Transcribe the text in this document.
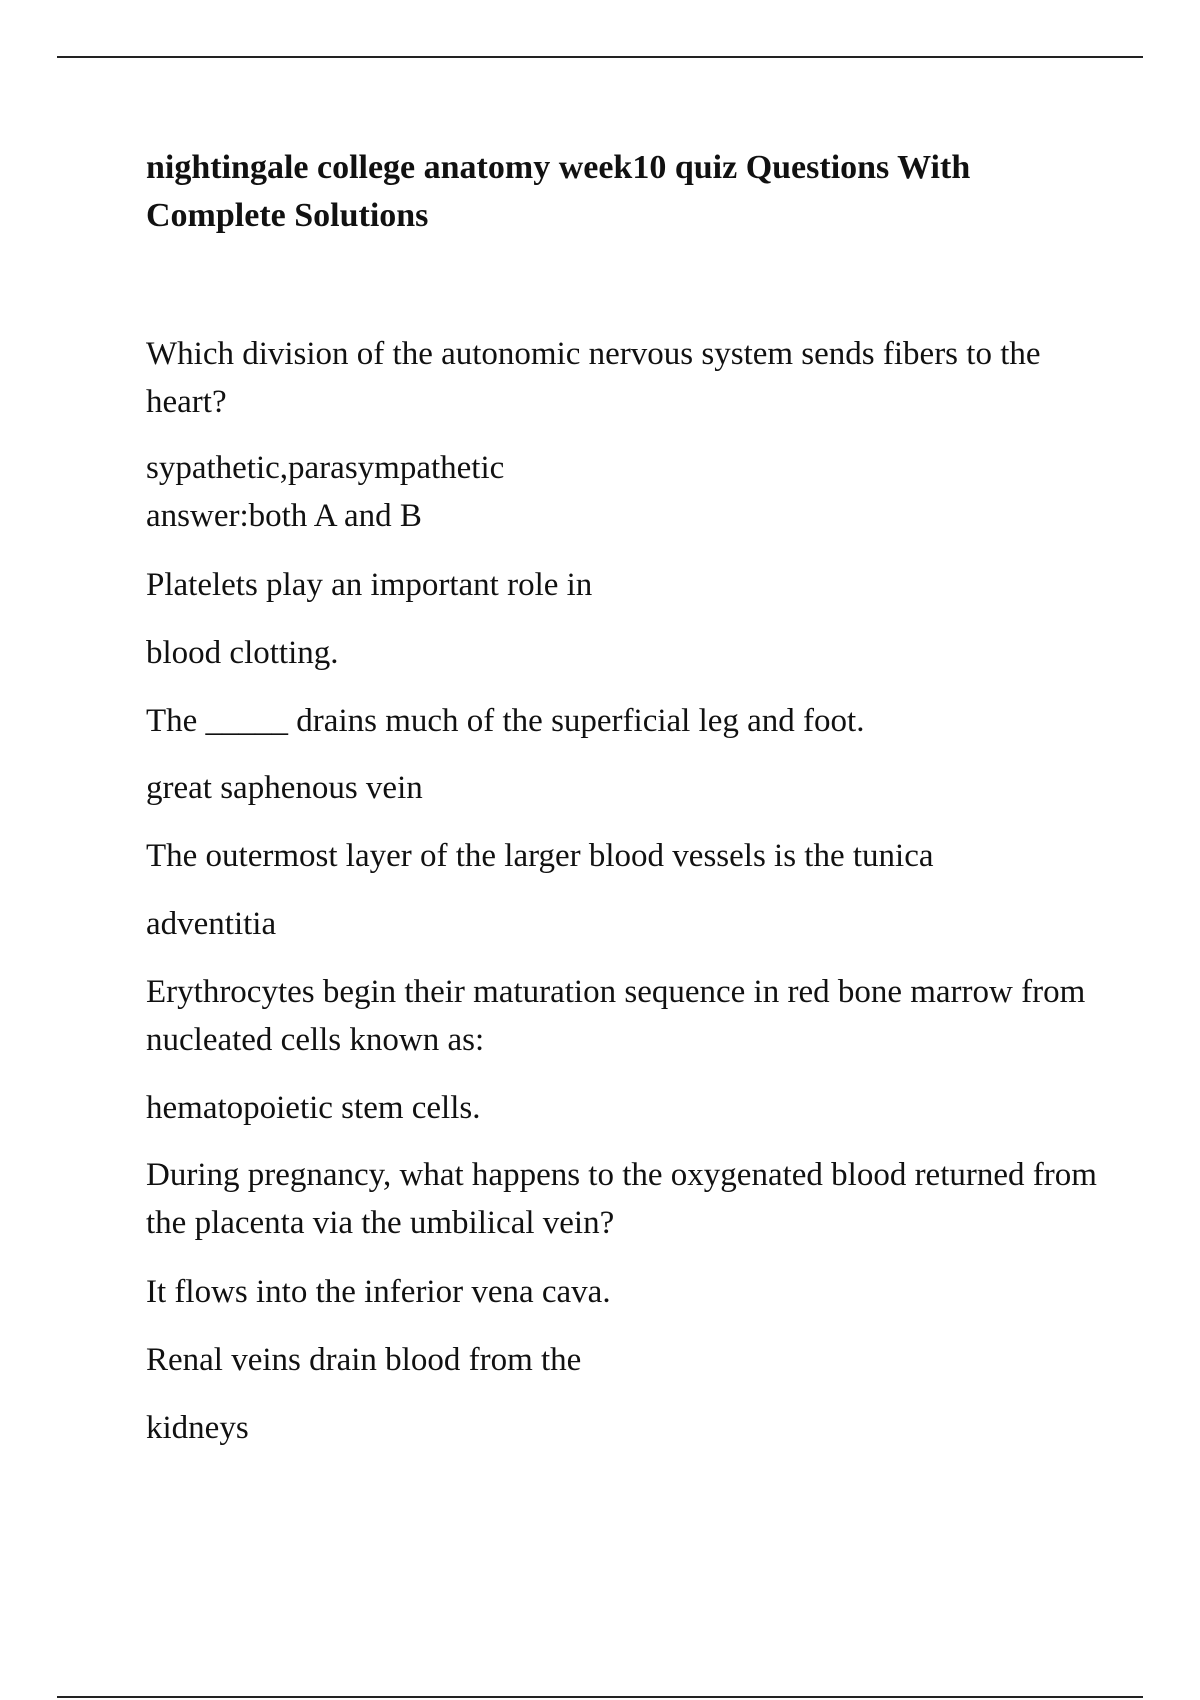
nightingale college anatomy week10 quiz Questions With Complete Solutions

Which division of the autonomic nervous system sends fibers to the heart?

sypathetic,parasympathetic
answer:both A and B

Platelets play an important role in

blood clotting.

The _____ drains much of the superficial leg and foot.

great saphenous vein

The outermost layer of the larger blood vessels is the tunica

adventitia

Erythrocytes begin their maturation sequence in red bone marrow from nucleated cells known as:

hematopoietic stem cells.

During pregnancy, what happens to the oxygenated blood returned from the placenta via the umbilical vein?

It flows into the inferior vena cava.

Renal veins drain blood from the

kidneys
